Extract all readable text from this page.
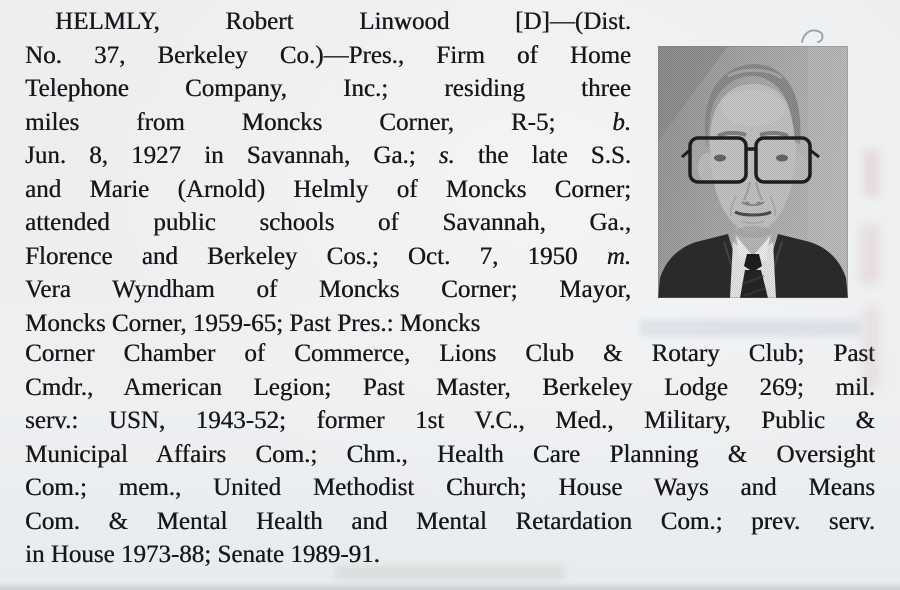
HELMLY, Robert Linwood [D]—(Dist.
No. 37, Berkeley Co.)—Pres., Firm of Home
Telephone Company, Inc.; residing three
miles from Moncks Corner, R-5; b.
Jun. 8, 1927 in Savannah, Ga.; s. the late S.S.
and Marie (Arnold) Helmly of Moncks Corner;
attended public schools of Savannah, Ga.,
Florence and Berkeley Cos.; Oct. 7, 1950 m.
Vera Wyndham of Moncks Corner; Mayor,
Moncks Corner, 1959-65; Past Pres.: Moncks
Corner Chamber of Commerce, Lions Club & Rotary Club; Past
Cmdr., American Legion; Past Master, Berkeley Lodge 269; mil.
serv.: USN, 1943-52; former 1st V.C., Med., Military, Public &
Municipal Affairs Com.; Chm., Health Care Planning & Oversight
Com.; mem., United Methodist Church; House Ways and Means
Com. & Mental Health and Mental Retardation Com.; prev. serv.
in House 1973-88; Senate 1989-91.
